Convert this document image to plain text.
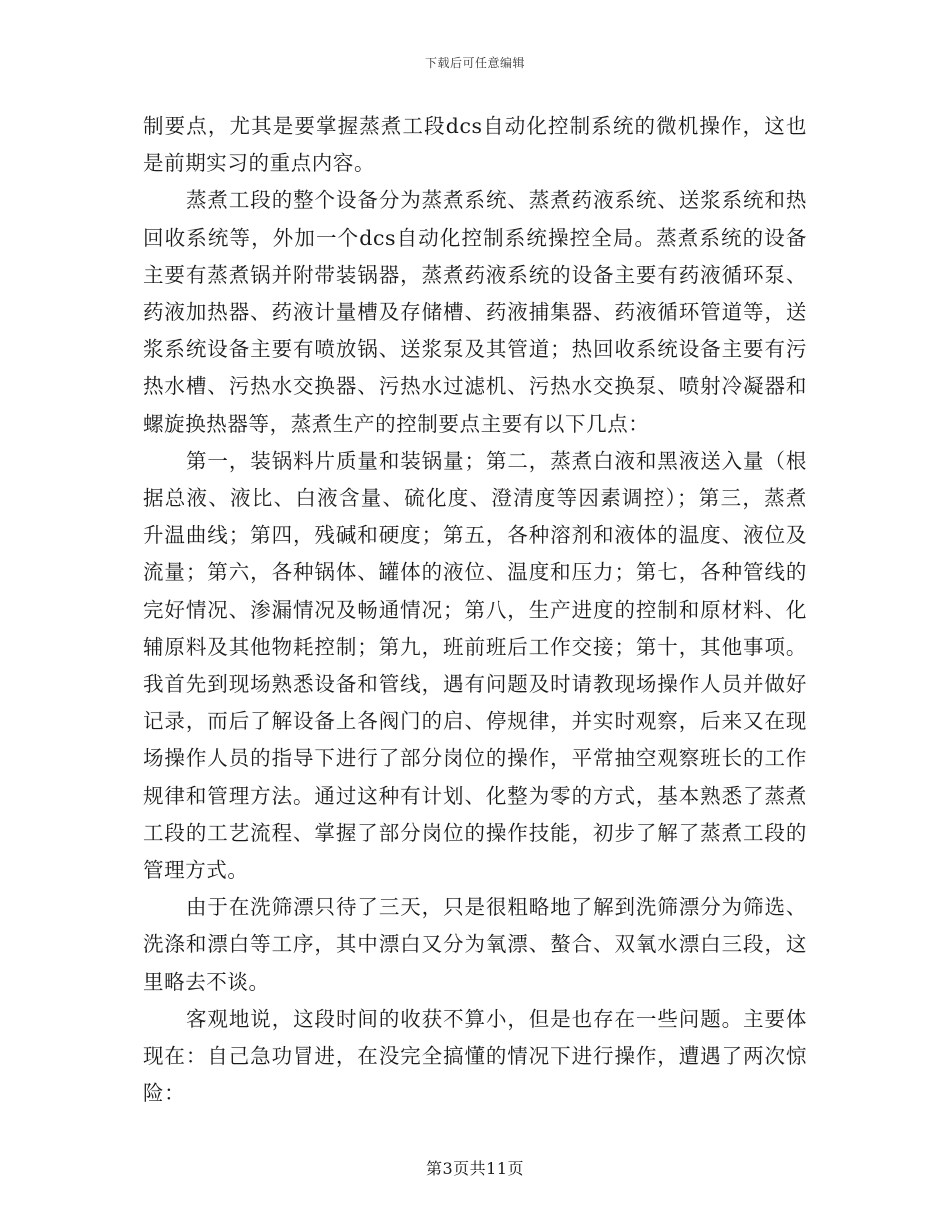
下载后可任意编辑

制要点，尤其是要掌握蒸煮工段dcs自动化控制系统的微机操作，这也是前期实习的重点内容。

蒸煮工段的整个设备分为蒸煮系统、蒸煮药液系统、送浆系统和热回收系统等，外加一个dcs自动化控制系统操控全局。蒸煮系统的设备主要有蒸煮锅并附带装锅器，蒸煮药液系统的设备主要有药液循环泵、药液加热器、药液计量槽及存储槽、药液捕集器、药液循环管道等，送浆系统设备主要有喷放锅、送浆泵及其管道；热回收系统设备主要有污热水槽、污热水交换器、污热水过滤机、污热水交换泵、喷射冷凝器和螺旋换热器等，蒸煮生产的控制要点主要有以下几点：

第一，装锅料片质量和装锅量；第二，蒸煮白液和黑液送入量（根据总液、液比、白液含量、硫化度、澄清度等因素调控）；第三，蒸煮升温曲线；第四，残碱和硬度；第五，各种溶剂和液体的温度、液位及流量；第六，各种锅体、罐体的液位、温度和压力；第七，各种管线的完好情况、渗漏情况及畅通情况；第八，生产进度的控制和原材料、化辅原料及其他物耗控制；第九，班前班后工作交接；第十，其他事项。我首先到现场熟悉设备和管线，遇有问题及时请教现场操作人员并做好记录，而后了解设备上各阀门的启、停规律，并实时观察，后来又在现场操作人员的指导下进行了部分岗位的操作，平常抽空观察班长的工作规律和管理方法。通过这种有计划、化整为零的方式，基本熟悉了蒸煮工段的工艺流程、掌握了部分岗位的操作技能，初步了解了蒸煮工段的管理方式。

由于在洗筛漂只待了三天，只是很粗略地了解到洗筛漂分为筛选、洗涤和漂白等工序，其中漂白又分为氧漂、螯合、双氧水漂白三段，这里略去不谈。

客观地说，这段时间的收获不算小，但是也存在一些问题。主要体现在：自己急功冒进，在没完全搞懂的情况下进行操作，遭遇了两次惊险：

第3页共11页
